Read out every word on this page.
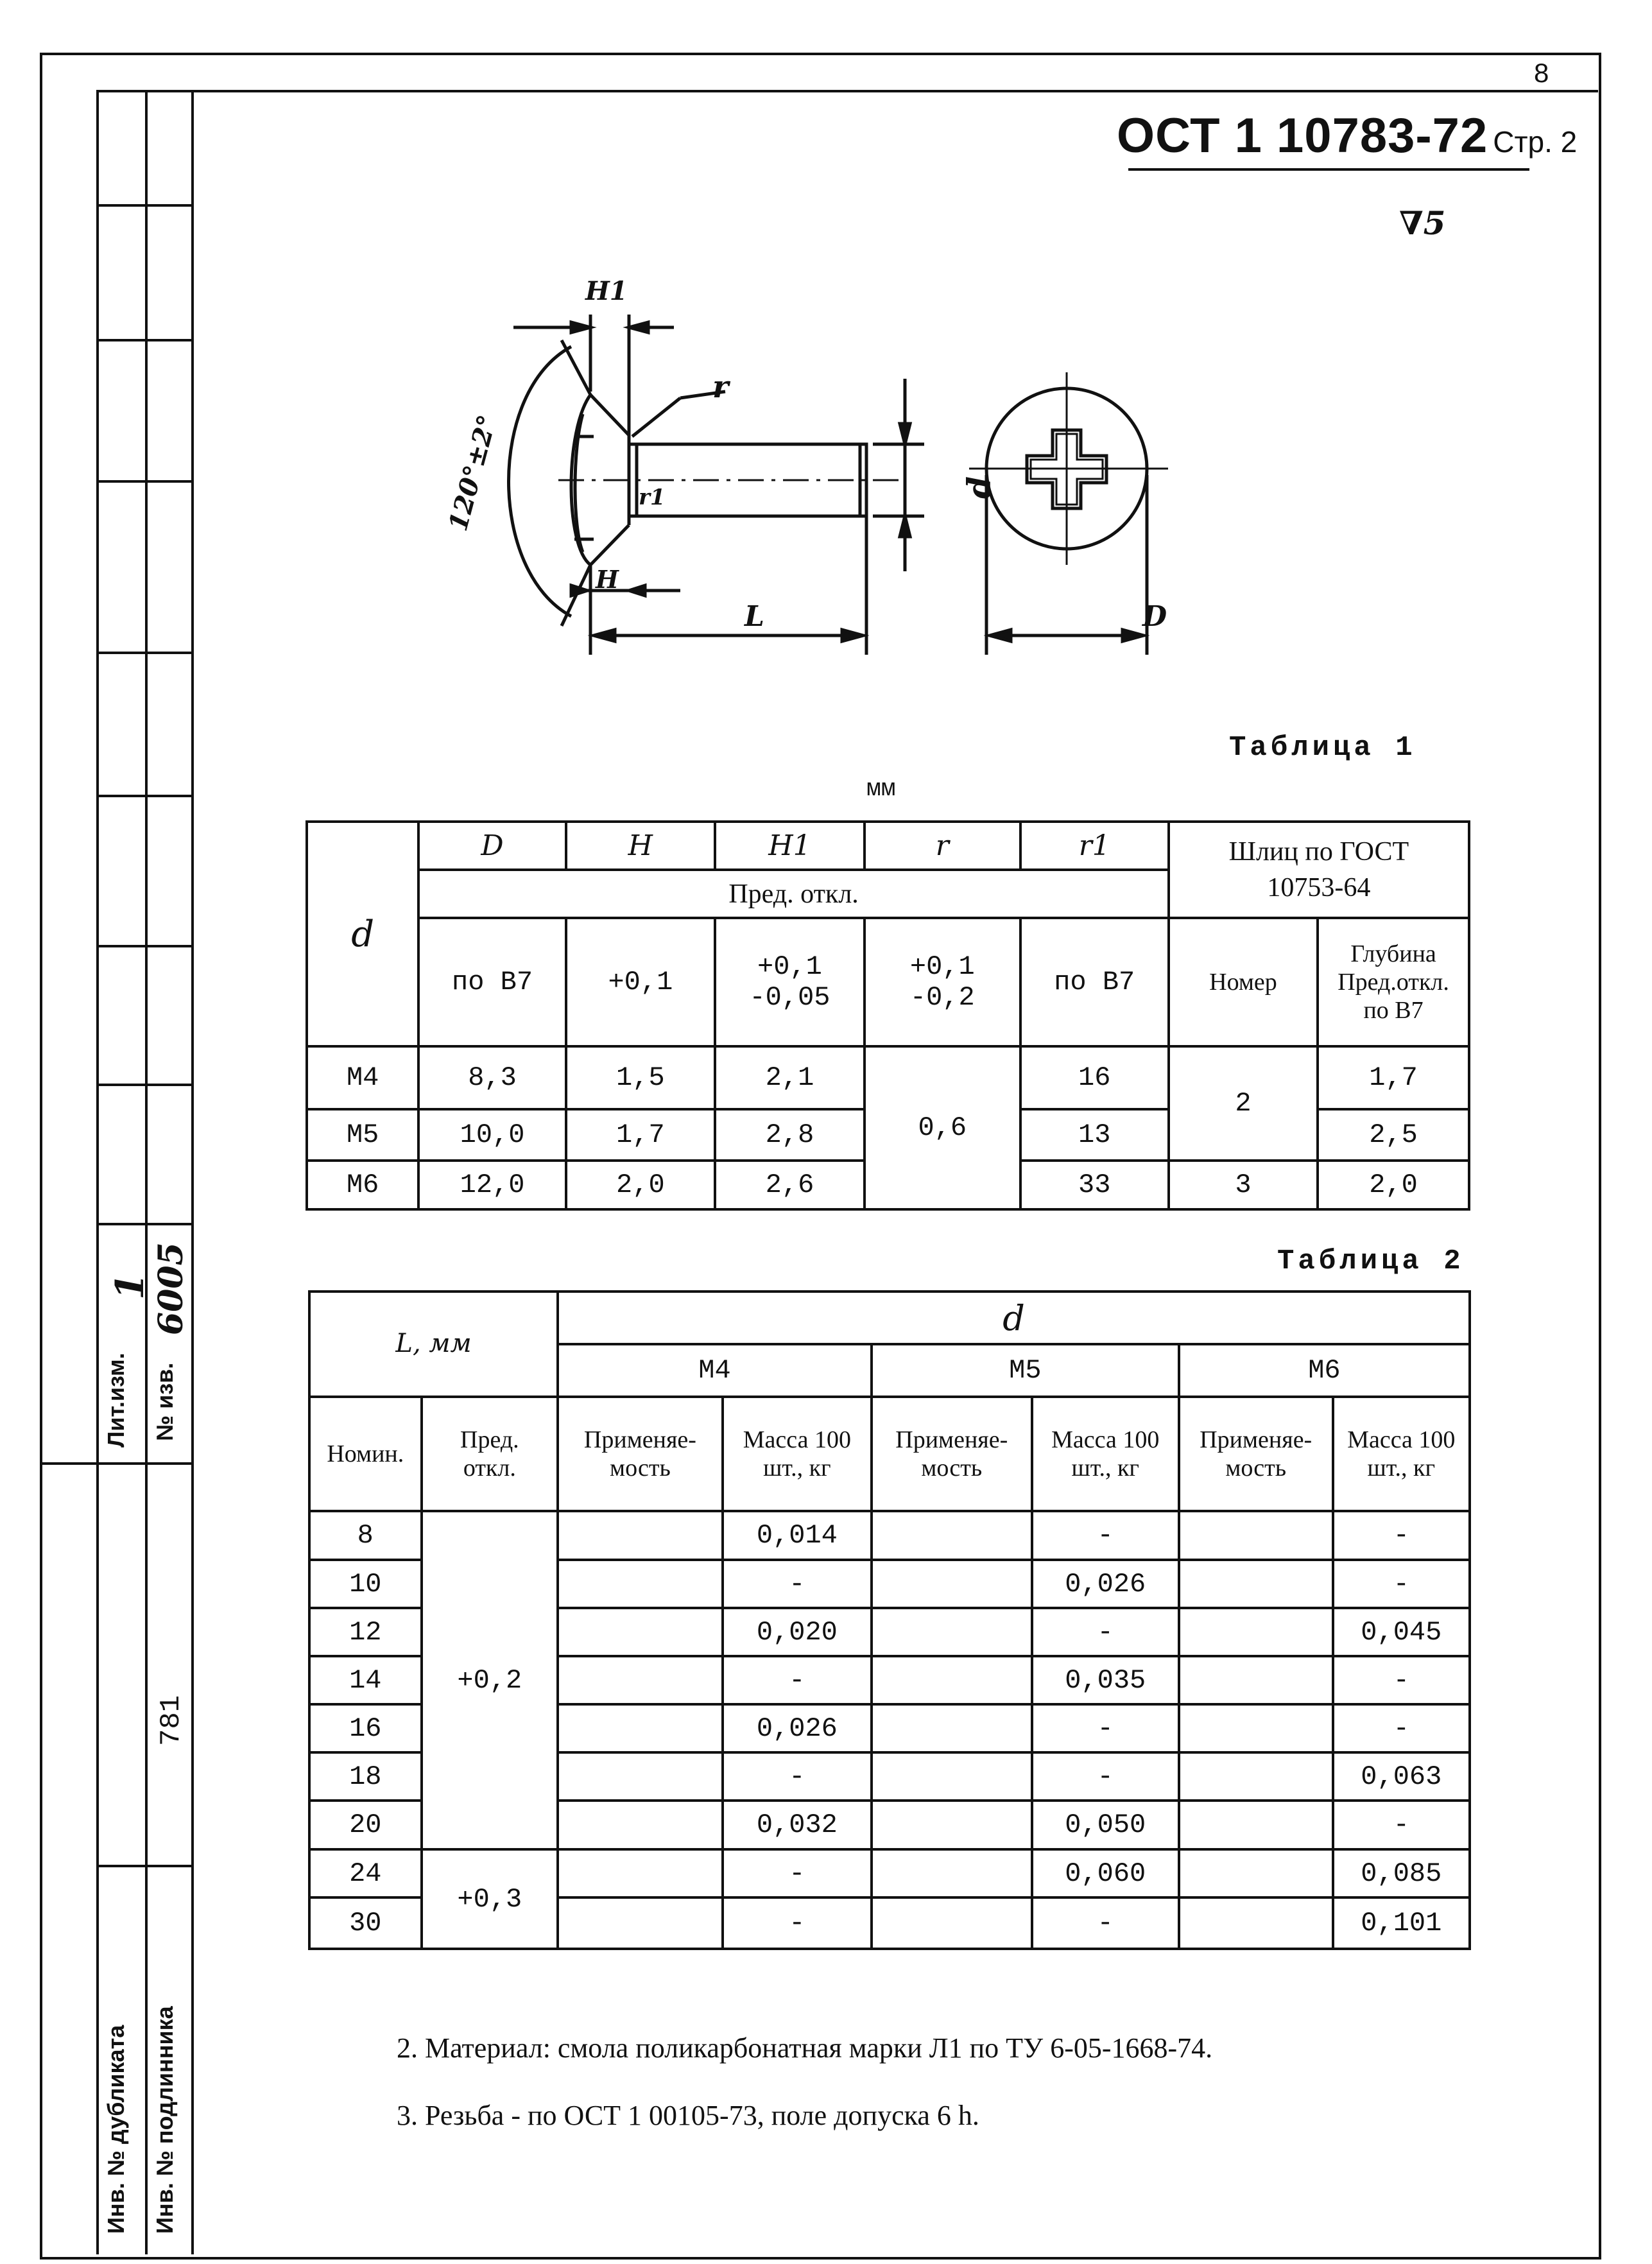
Лит.изм. № изв.
1
6005
Инв. № дубликата Инв. № подлинника
781
8
ОСТ 1 10783-72 Стр. 2
∇5
H1
r
120°±2°	r1
H
L
d
D
Таблица 1
мм
d	D	H	H1	r	r1	Шлиц по ГОСТ 10753-64	
	Пред. откл.						
	по B7	+0,1	+0,1 -0,05	+0,1 -0,2	по B7	Номер	Глубина Пред.откл. по B7
M4	8,3	1,5	2,1	0,6	16	2	1,7
M5	10,0	1,7	2,8		13		2,5
M6	12,0	2,0	2,6		33	3	2,0
Таблица 2
L, мм		d					
		M4		M5		M6	
Номин.	Пред. откл.	Применяе- мость	Масса 100 шт., кг	Применяе- мость	Масса 100 шт., кг	Применяе- мость	Масса 100 шт., кг
8	+0,2		0,014		-		-
10			-		0,026		-
12			0,020		-		0,045
14			-		0,035		-
16			0,026		-		-
18			-		-		0,063
20			0,032		0,050		-
24	+0,3		-		0,060		0,085
30			-		-		0,101
2. Материал: смола поликарбонатная марки Л1 по ТУ 6-05-1668-74.
3. Резьба - по ОСТ 1 00105-73, поле допуска 6 h.
